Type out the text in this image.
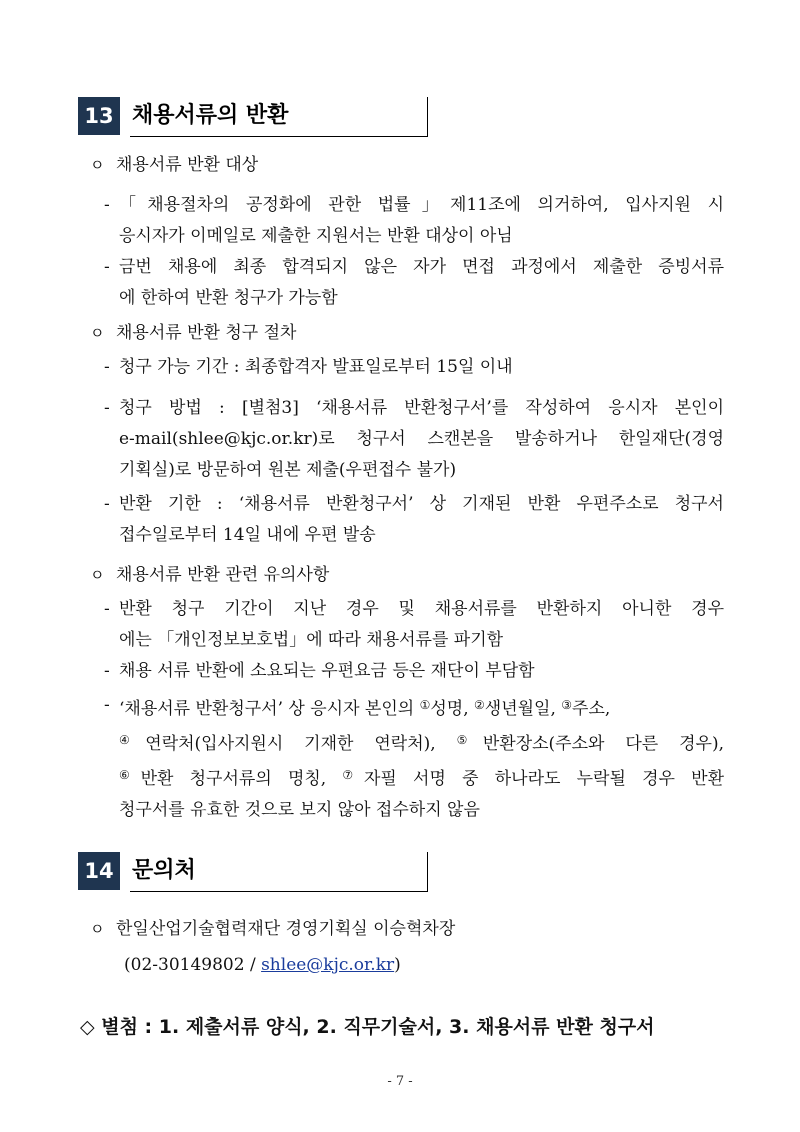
13 채용서류의 반환
ㅇ 채용서류 반환 대상
- 「채용절차의 공정화에 관한 법률」제11조에 의거하여, 입사지원 시
응시자가 이메일로 제출한 지원서는 반환 대상이 아님
- 금번 채용에 최종 합격되지 않은 자가 면접 과정에서 제출한 증빙서류
에 한하여 반환 청구가 가능함
ㅇ 채용서류 반환 청구 절차
- 청구 가능 기간 : 최종합격자 발표일로부터 15일 이내
- 청구 방법 : [별첨3] ‘채용서류 반환청구서’를 작성하여 응시자 본인이
e-mail(shlee@kjc.or.kr)로 청구서 스캔본을 발송하거나 한일재단(경영
기획실)로 방문하여 원본 제출(우편접수 불가)
- 반환 기한 : ‘채용서류 반환청구서’ 상 기재된 반환 우편주소로 청구서
접수일로부터 14일 내에 우편 발송
ㅇ 채용서류 반환 관련 유의사항
- 반환 청구 기간이 지난 경우 및 채용서류를 반환하지 아니한 경우
에는 「개인정보보호법」에 따라 채용서류를 파기함
- 채용 서류 반환에 소요되는 우편요금 등은 재단이 부담함
- ‘채용서류 반환청구서’ 상 응시자 본인의 ①성명, ②생년월일, ③주소,
④연락처(입사지원시 기재한 연락처), ⑤반환장소(주소와 다른 경우),
⑥반환 청구서류의 명칭, ⑦자필 서명 중 하나라도 누락될 경우 반환
청구서를 유효한 것으로 보지 않아 접수하지 않음
14 문의처
ㅇ 한일산업기술협력재단 경영기획실 이승혁차장
(02-30149802 / shlee@kjc.or.kr)
◇ 별첨 : 1. 제출서류 양식, 2. 직무기술서, 3. 채용서류 반환 청구서
- 7 -
